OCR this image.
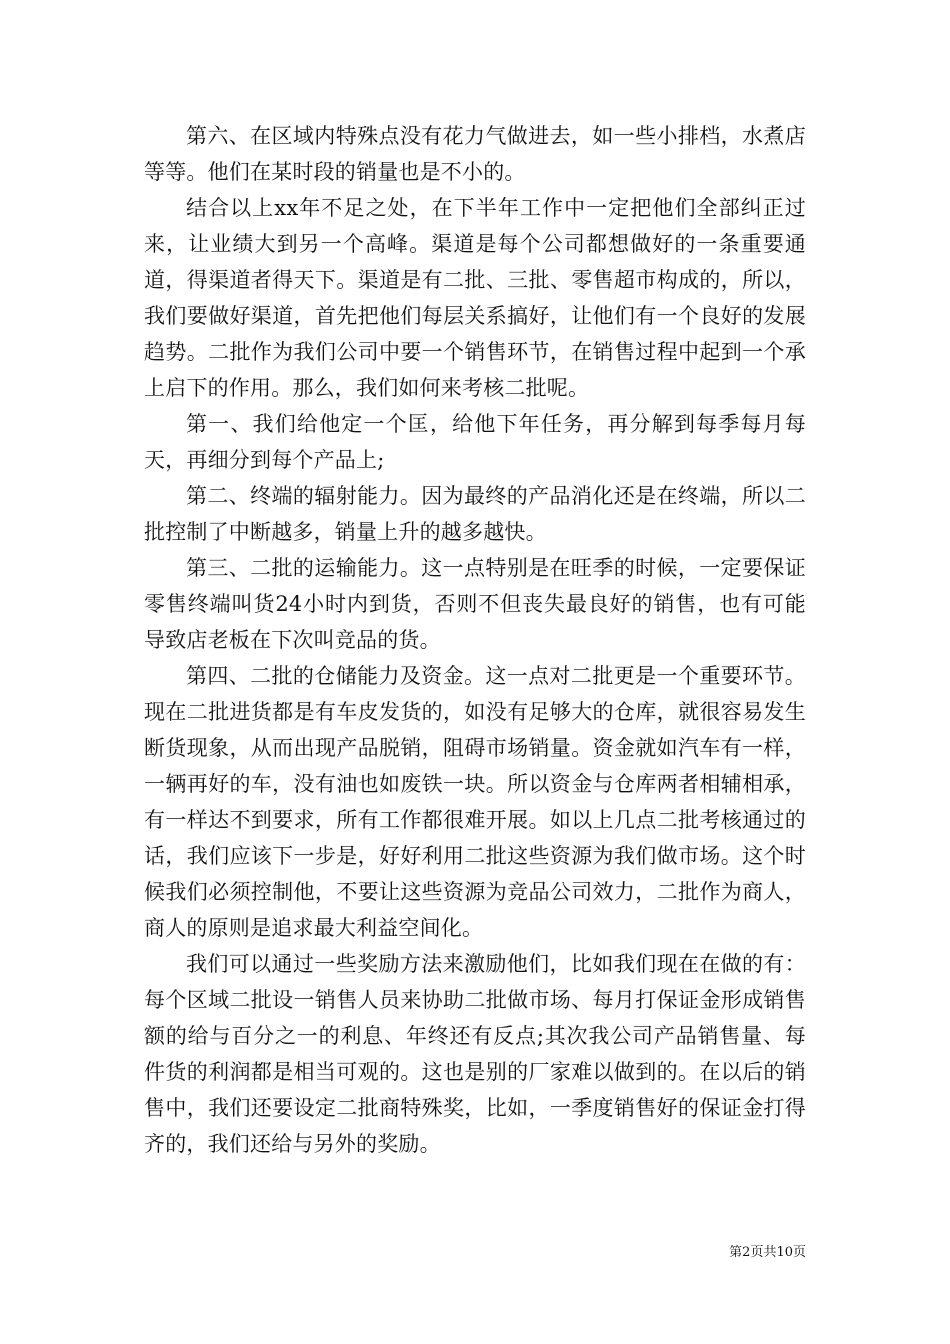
第六、在区域内特殊点没有花力气做进去，如一些小排档，水煮店等等。他们在某时段的销量也是不小的。

结合以上xx年不足之处，在下半年工作中一定把他们全部纠正过来，让业绩大到另一个高峰。渠道是每个公司都想做好的一条重要通道，得渠道者得天下。渠道是有二批、三批、零售超市构成的，所以，我们要做好渠道，首先把他们每层关系搞好，让他们有一个良好的发展趋势。二批作为我们公司中要一个销售环节，在销售过程中起到一个承上启下的作用。那么，我们如何来考核二批呢。

第一、我们给他定一个匡，给他下年任务，再分解到每季每月每天，再细分到每个产品上;

第二、终端的辐射能力。因为最终的产品消化还是在终端，所以二批控制了中断越多，销量上升的越多越快。

第三、二批的运输能力。这一点特别是在旺季的时候，一定要保证零售终端叫货24小时内到货，否则不但丧失最良好的销售，也有可能导致店老板在下次叫竞品的货。

第四、二批的仓储能力及资金。这一点对二批更是一个重要环节。现在二批进货都是有车皮发货的，如没有足够大的仓库，就很容易发生断货现象，从而出现产品脱销，阻碍市场销量。资金就如汽车有一样，一辆再好的车，没有油也如废铁一块。所以资金与仓库两者相辅相承，有一样达不到要求，所有工作都很难开展。如以上几点二批考核通过的话，我们应该下一步是，好好利用二批这些资源为我们做市场。这个时候我们必须控制他，不要让这些资源为竞品公司效力，二批作为商人，商人的原则是追求最大利益空间化。

我们可以通过一些奖励方法来激励他们，比如我们现在在做的有：每个区域二批设一销售人员来协助二批做市场、每月打保证金形成销售额的给与百分之一的利息、年终还有反点;其次我公司产品销售量、每件货的利润都是相当可观的。这也是别的厂家难以做到的。在以后的销售中，我们还要设定二批商特殊奖，比如，一季度销售好的保证金打得齐的，我们还给与另外的奖励。

第2页共10页
